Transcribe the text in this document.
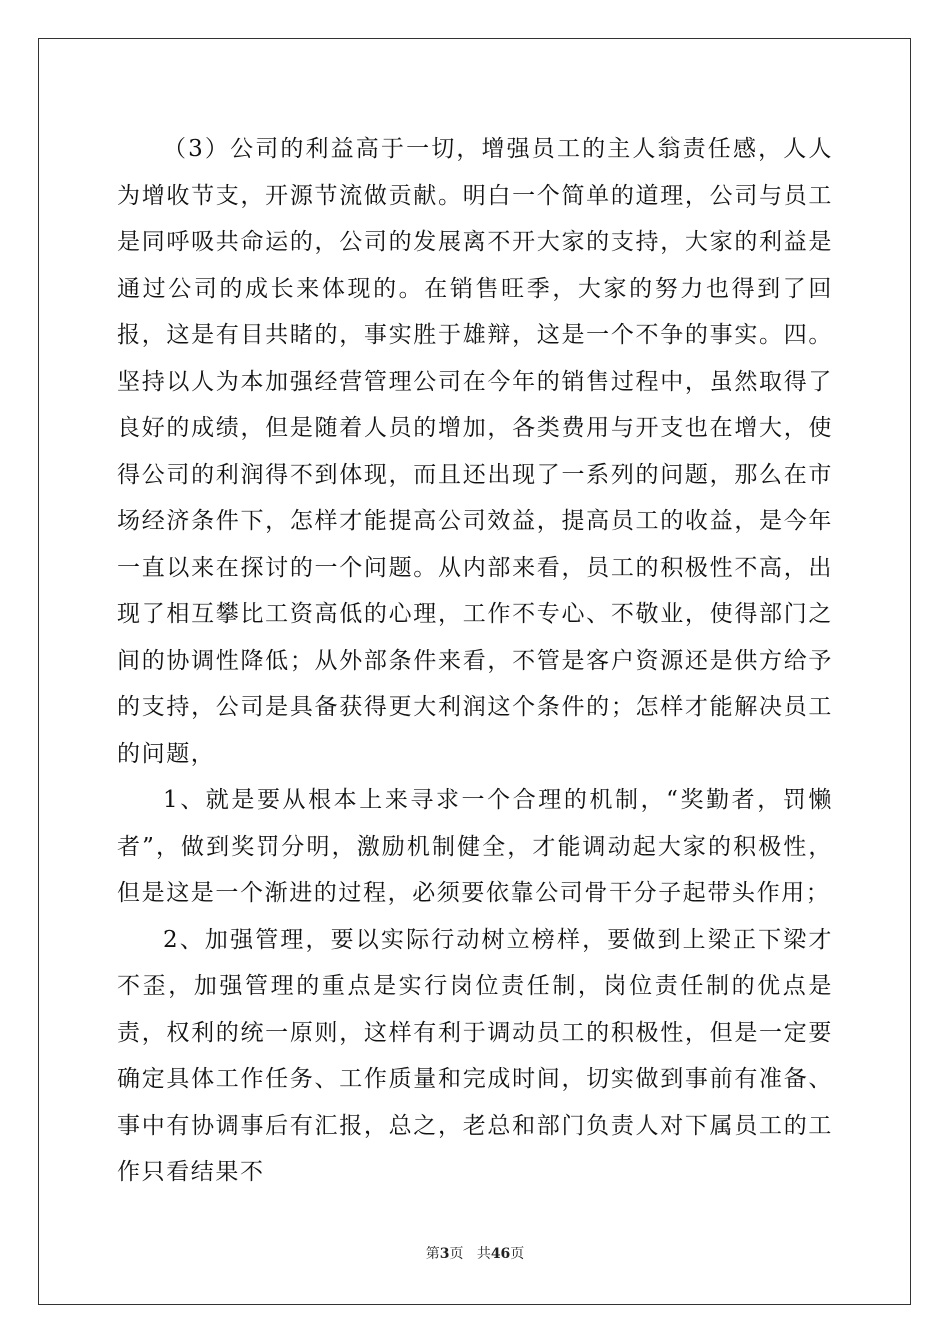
（3）公司的利益高于一切，增强员工的主人翁责任感，人人为增收节支，开源节流做贡献。明白一个简单的道理，公司与员工是同呼吸共命运的，公司的发展离不开大家的支持，大家的利益是通过公司的成长来体现的。在销售旺季，大家的努力也得到了回报，这是有目共睹的，事实胜于雄辩，这是一个不争的事实。四。坚持以人为本加强经营管理公司在今年的销售过程中，虽然取得了良好的成绩，但是随着人员的增加，各类费用与开支也在增大，使得公司的利润得不到体现，而且还出现了一系列的问题，那么在市场经济条件下，怎样才能提高公司效益，提高员工的收益，是今年一直以来在探讨的一个问题。从内部来看，员工的积极性不高，出现了相互攀比工资高低的心理，工作不专心、不敬业，使得部门之间的协调性降低；从外部条件来看，不管是客户资源还是供方给予的支持，公司是具备获得更大利润这个条件的；怎样才能解决员工的问题，

1、就是要从根本上来寻求一个合理的机制，“奖勤者，罚懒者”，做到奖罚分明，激励机制健全，才能调动起大家的积极性，但是这是一个渐进的过程，必须要依靠公司骨干分子起带头作用；

2、加强管理，要以实际行动树立榜样，要做到上梁正下梁才不歪，加强管理的重点是实行岗位责任制，岗位责任制的优点是责，权利的统一原则，这样有利于调动员工的积极性，但是一定要确定具体工作任务、工作质量和完成时间，切实做到事前有准备、事中有协调事后有汇报，总之，老总和部门负责人对下属员工的工作只看结果不

第3页 共46页
